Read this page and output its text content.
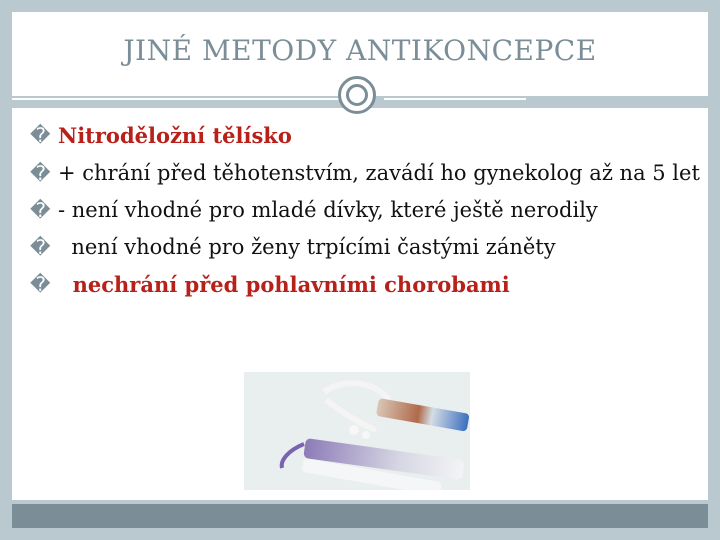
JINÉ METODY ANTIKONCEPCE
� Nitroděložní tělísko
� + chrání před těhotenstvím, zavádí ho gynekolog až na 5 let
� - není vhodné pro mladé dívky, které ještě nerodily
� není vhodné pro ženy trpícími častými záněty
� nechrání před pohlavními chorobami
